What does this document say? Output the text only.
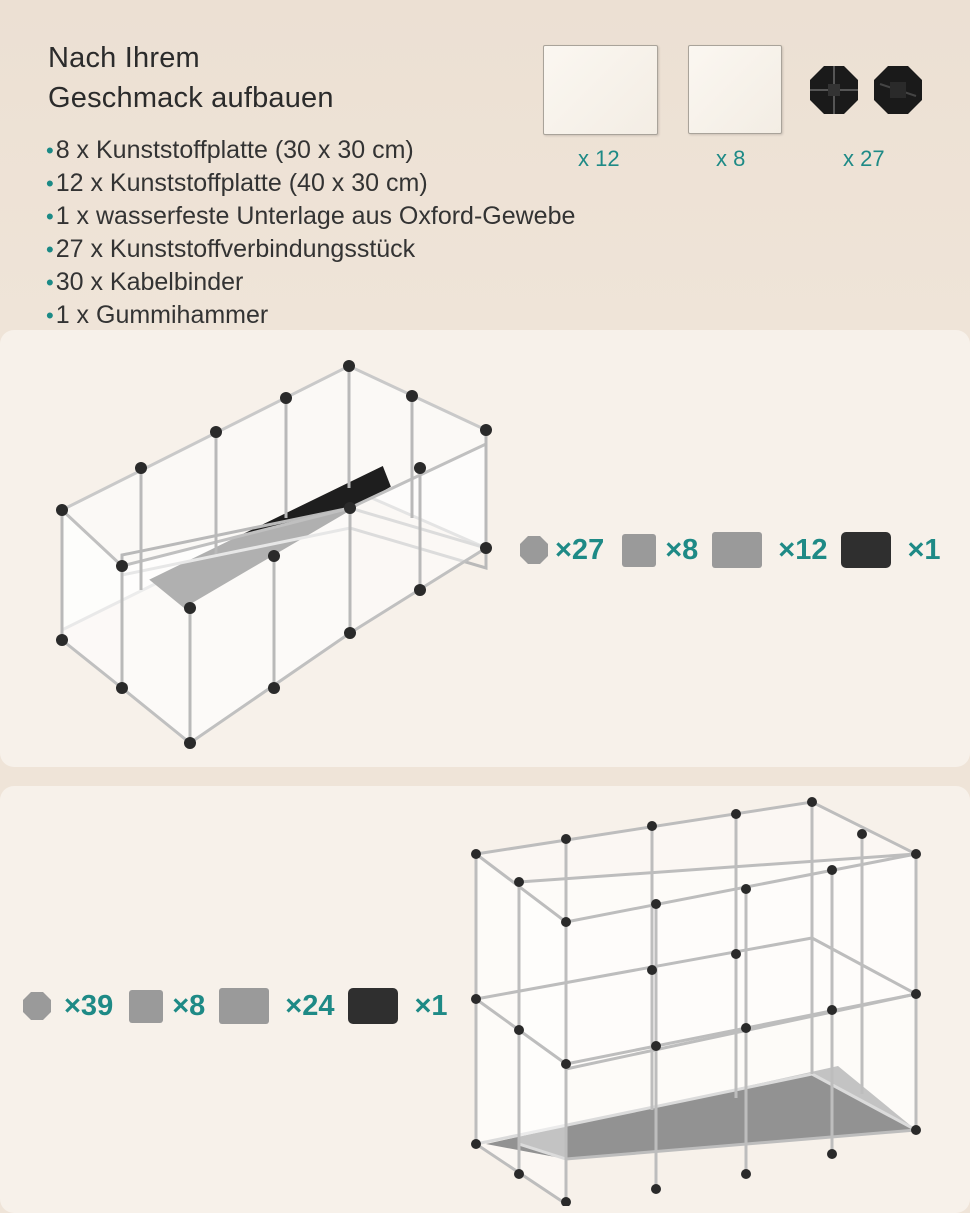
Nach Ihrem
Geschmack aufbauen
•8 x Kunststoffplatte (30 x 30 cm)
•12 x Kunststoffplatte (40 x 30 cm)
•1 x wasserfeste Unterlage aus Oxford-Gewebe
•27 x Kunststoffverbindungsstück
•30 x Kabelbinder
•1 x Gummihammer
x 12	x 8	x 27
×27 ×8	×12	×1
×39 ×8	×24	×1
